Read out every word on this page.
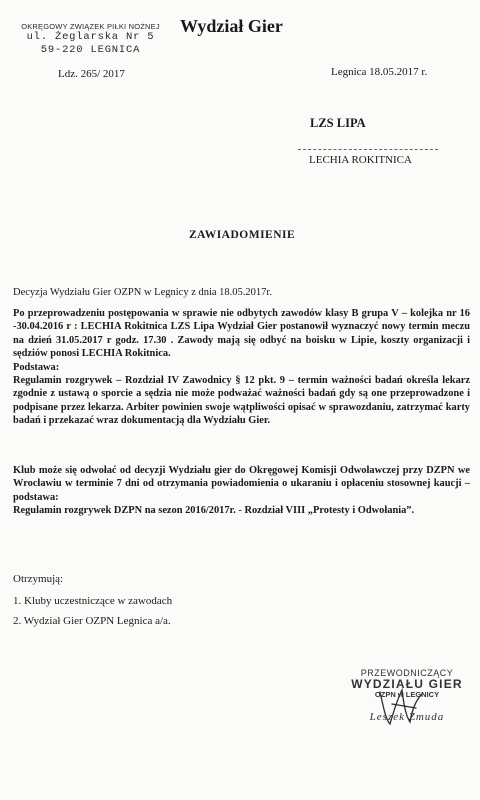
OKRĘGOWY ZWIĄZEK PIŁKI NOŻNEJ
ul. Żeglarska Nr 5
59-220 LEGNICA
Ldz. 265/ 2017
Wydział Gier
Legnica 18.05.2017 r.
LZS LIPA
LECHIA ROKITNICA
ZAWIADOMIENIE
Decyzja Wydziału Gier OZPN w Legnicy z dnia 18.05.2017r.

Po przeprowadzeniu postępowania w sprawie nie odbytych zawodów klasy B grupa V – kolejka nr 16 -30.04.2016 r : LECHIA Rokitnica LZS Lipa Wydział Gier postanowił wyznaczyć nowy termin meczu na dzień 31.05.2017 r godz. 17.30 . Zawody mają się odbyć na boisku w Lipie, koszty organizacji i sędziów ponosi LECHIA Rokitnica.

Podstawa:

Regulamin rozgrywek – Rozdział IV Zawodnicy § 12 pkt. 9 – termin ważności badań określa lekarz zgodnie z ustawą o sporcie a sędzia nie może podważać ważności badań gdy są one przeprowadzone i podpisane przez lekarza. Arbiter powinien swoje wątpliwości opisać w sprawozdaniu, zatrzymać karty badań i przekazać wraz dokumentacją dla Wydziału Gier.

Klub może się odwołać od decyzji Wydziału gier do Okręgowej Komisji Odwoławczej przy DZPN we Wrocławiu w terminie 7 dni od otrzymania powiadomienia o ukaraniu i opłaceniu stosownej kaucji – podstawa:

Regulamin rozgrywek DZPN na sezon 2016/2017r. - Rozdział VIII „Protesty i Odwołania”.

Otrzymują:
1. Kluby uczestniczące w zawodach
2. Wydział Gier OZPN Legnica a/a.
PRZEWODNICZĄCY
WYDZIAŁU GIER
OZPN w LEGNICY
Leszek Żmuda
